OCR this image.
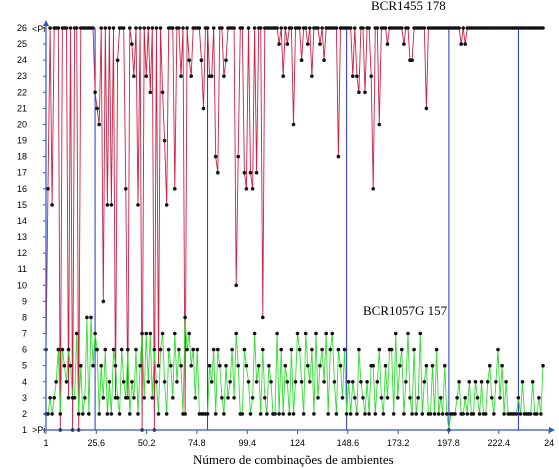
1
2
3
4
5
6
7
8
9
10
11
12
13
14
15
16
17
18
19
20
21
22
23
24
25
26
1	25.6	50.2	74.8	99.4	124	148.6	173.2	197.8	222.4	24
<Pi
>Pi
BCR1455 178
BCR1057G 157
Número de combinações de ambientes
